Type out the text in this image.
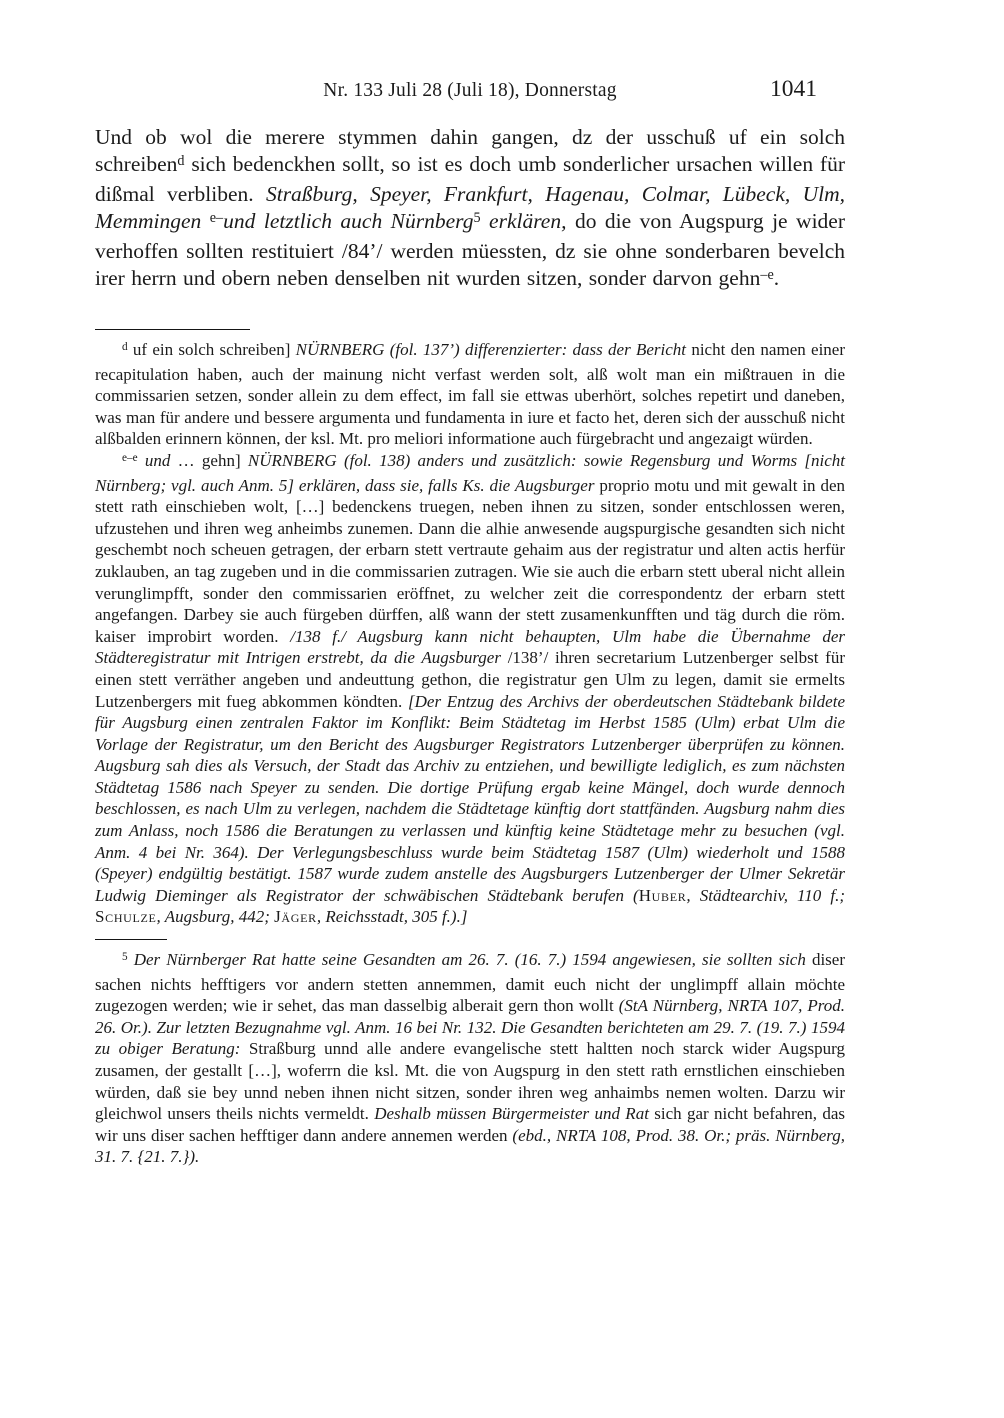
Nr. 133 Juli 28 (Juli 18), Donnerstag	1041
Und ob wol die merere stymmen dahin gangen, dz der usschuß uf ein solch schreiben$^d$ sich bedenckhen sollt, so ist es doch umb sonderlicher ursachen willen für dißmal verbliben. Straßburg, Speyer, Frankfurt, Hagenau, Colmar, Lübeck, Ulm, Memmingen $^{e-}$und letztlich auch Nürnberg$^5$ erklären, do die von Augspurg je wider verhoffen sollten restituiert /84’/ werden müessten, dz sie ohne sonderbaren bevelch irer herrn und obern neben denselben nit wurden sitzen, sonder darvon gehn$^{-e}$.
$^d$ uf ein solch schreiben] NÜRNBERG (fol. 137’) differenzierter: dass der Bericht nicht den namen einer recapitulation haben, auch der mainung nicht verfast werden solt, alß wolt man ein mißtrauen in die commissarien setzen, sonder allein zu dem effect, im fall sie ettwas uberhört, solches repetirt und daneben, was man für andere und bessere argumenta und fundamenta in iure et facto het, deren sich der ausschuß nicht alßbalden erinnern können, der ksl. Mt. pro meliori informatione auch fürgebracht und angezaigt würden.
$^{e-e}$ und … gehn] NÜRNBERG (fol. 138) anders und zusätzlich: sowie Regensburg und Worms [nicht Nürnberg; vgl. auch Anm. 5] erklären, dass sie, falls Ks. die Augsburger proprio motu und mit gewalt in den stett rath einschieben wolt, […] bedenckens truegen, neben ihnen zu sitzen, sonder entschlossen weren, ufzustehen und ihren weg anheimbs zunemen. Dann die alhie anwesende augspurgische gesandten sich nicht geschembt noch scheuen getragen, der erbarn stett vertraute gehaim aus der registratur und alten actis herfür zuklauben, an tag zugeben und in die commissarien zutragen. Wie sie auch die erbarn stett uberal nicht allein verunglimpfft, sonder den commissarien eröffnet, zu welcher zeit die correspondentz der erbarn stett angefangen. Darbey sie auch fürgeben dürffen, alß wann der stett zusamenkunfften und täg durch die röm. kaiser improbirt worden. /138 f./ Augsburg kann nicht behaupten, Ulm habe die Übernahme der Städteregistratur mit Intrigen erstrebt, da die Augsburger /138’/ ihren secretarium Lutzenberger selbst für einen stett verräther angeben und andeuttung gethon, die registratur gen Ulm zu legen, damit sie ermelts Lutzenbergers mit fueg abkommen köndten. [Der Entzug des Archivs der oberdeutschen Städtebank bildete für Augsburg einen zentralen Faktor im Konflikt: Beim Städtetag im Herbst 1585 (Ulm) erbat Ulm die Vorlage der Registratur, um den Bericht des Augsburger Registrators Lutzenberger überprüfen zu können. Augsburg sah dies als Versuch, der Stadt das Archiv zu entziehen, und bewilligte lediglich, es zum nächsten Städtetag 1586 nach Speyer zu senden. Die dortige Prüfung ergab keine Mängel, doch wurde dennoch beschlossen, es nach Ulm zu verlegen, nachdem die Städtetage künftig dort stattfänden. Augsburg nahm dies zum Anlass, noch 1586 die Beratungen zu verlassen und künftig keine Städtetage mehr zu besuchen (vgl. Anm. 4 bei Nr. 364). Der Verlegungsbeschluss wurde beim Städtetag 1587 (Ulm) wiederholt und 1588 (Speyer) endgültig bestätigt. 1587 wurde zudem anstelle des Augsburgers Lutzenberger der Ulmer Sekretär Ludwig Dieminger als Registrator der schwäbischen Städtebank berufen (Huber, Städtearchiv, 110 f.; Schulze, Augsburg, 442; Jäger, Reichsstadt, 305 f.).]
$^5$ Der Nürnberger Rat hatte seine Gesandten am 26. 7. (16. 7.) 1594 angewiesen, sie sollten sich diser sachen nichts hefftigers vor andern stetten annemmen, damit euch nicht der unglimpff allain möchte zugezogen werden; wie ir sehet, das man dasselbig alberait gern thon wollt (StA Nürnberg, NRTA 107, Prod. 26. Or.). Zur letzten Bezugnahme vgl. Anm. 16 bei Nr. 132. Die Gesandten berichteten am 29. 7. (19. 7.) 1594 zu obiger Beratung: Straßburg unnd alle andere evangelische stett haltten noch starck wider Augspurg zusamen, der gestallt […], woferrn die ksl. Mt. die von Augspurg in den stett rath ernstlichen einschieben würden, daß sie bey unnd neben ihnen nicht sitzen, sonder ihren weg anhaimbs nemen wolten. Darzu wir gleichwol unsers theils nichts vermeldt. Deshalb müssen Bürgermeister und Rat sich gar nicht befahren, das wir uns diser sachen hefftiger dann andere annemen werden (ebd., NRTA 108, Prod. 38. Or.; präs. Nürnberg, 31. 7. {21. 7.}).
